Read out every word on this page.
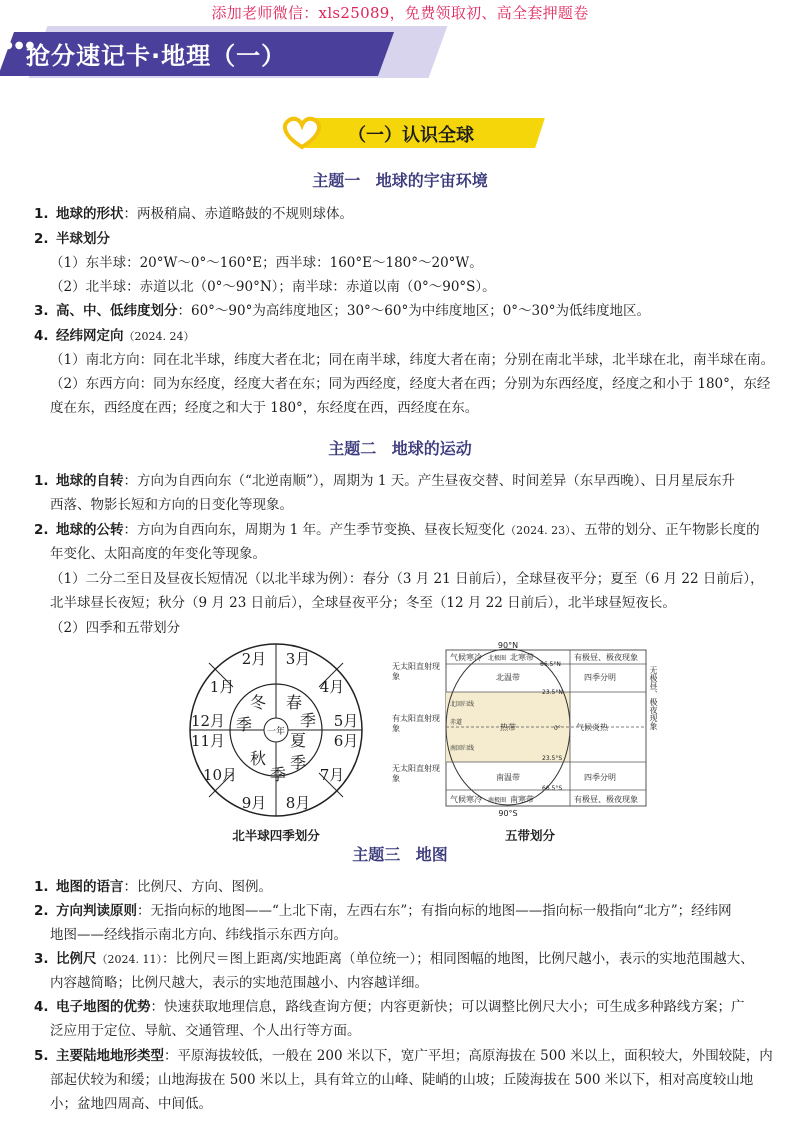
添加老师微信：xls25089，免费领取初、高全套押题卷
●●●
抢分速记卡·地理（一）
（一）认识全球
主题一 地球的宇宙环境
1. 地球的形状：两极稍扁、赤道略鼓的不规则球体。
2. 半球划分
（1）东半球：20°W～0°～160°E；西半球：160°E～180°～20°W。
（2）北半球：赤道以北（0°～90°N）；南半球：赤道以南（0°～90°S）。
3. 高、中、低纬度划分：60°～90°为高纬度地区；30°～60°为中纬度地区；0°～30°为低纬度地区。
4. 经纬网定向（2024. 24）
（1）南北方向：同在北半球，纬度大者在北；同在南半球，纬度大者在南；分别在南北半球，北半球在北，南半球在南。
（2）东西方向：同为东经度，经度大者在东；同为西经度，经度大者在西；分别为东西经度，经度之和小于 180°，东经
度在东，西经度在西；经度之和大于 180°，东经度在西，西经度在东。
主题二 地球的运动
1. 地球的自转：方向为自西向东（“北逆南顺”），周期为 1 天。产生昼夜交替、时间差异（东早西晚）、日月星辰东升
西落、物影长短和方向的日变化等现象。
2. 地球的公转：方向为自西向东，周期为 1 年。产生季节变换、昼夜长短变化（2024. 23）、五带的划分、正午物影长度的
年变化、太阳高度的年变化等现象。
（1）二分二至日及昼夜长短情况（以北半球为例）：春分（3 月 21 日前后），全球昼夜平分；夏至（6 月 22 日前后），
北半球昼长夜短；秋分（9 月 23 日前后），全球昼夜平分；冬至（12 月 22 日前后），北半球昼短夜长。
（2）四季和五带划分
2月 3月
4月
5月
6月
7月
8月
9月
10月
11月
12月
1月
冬 春
秋
夏
季	季
季
季
一年
北半球四季划分
90°N
90°S
气候寒冷 北极圈 北寒带
66.5°N
有极昼、极夜现象
北温带	四季分明
北回归线
23.5°N
赤道
热带	0° 气候炎热
南回归线
23.5°S
南温带	四季分明
66.5°S
气候寒冷 南极圈 南寒带	有极昼、极夜现象
无太阳直射现象
有太阳直射现象
无太阳直射现象
无极昼、极夜现象
五带划分
主题三 地图
1. 地图的语言：比例尺、方向、图例。
2. 方向判读原则：无指向标的地图——“上北下南，左西右东”；有指向标的地图——指向标一般指向“北方”；经纬网
地图——经线指示南北方向、纬线指示东西方向。
3. 比例尺（2024. 11）：比例尺＝图上距离/实地距离（单位统一）；相同图幅的地图，比例尺越小，表示的实地范围越大、
内容越简略；比例尺越大，表示的实地范围越小、内容越详细。
4. 电子地图的优势：快速获取地理信息，路线查询方便；内容更新快；可以调整比例尺大小；可生成多种路线方案；广
泛应用于定位、导航、交通管理、个人出行等方面。
5. 主要陆地地形类型：平原海拔较低，一般在 200 米以下，宽广平坦；高原海拔在 500 米以上，面积较大，外围较陡，内
部起伏较为和缓；山地海拔在 500 米以上，具有耸立的山峰、陡峭的山坡；丘陵海拔在 500 米以下，相对高度较山地
小；盆地四周高、中间低。
